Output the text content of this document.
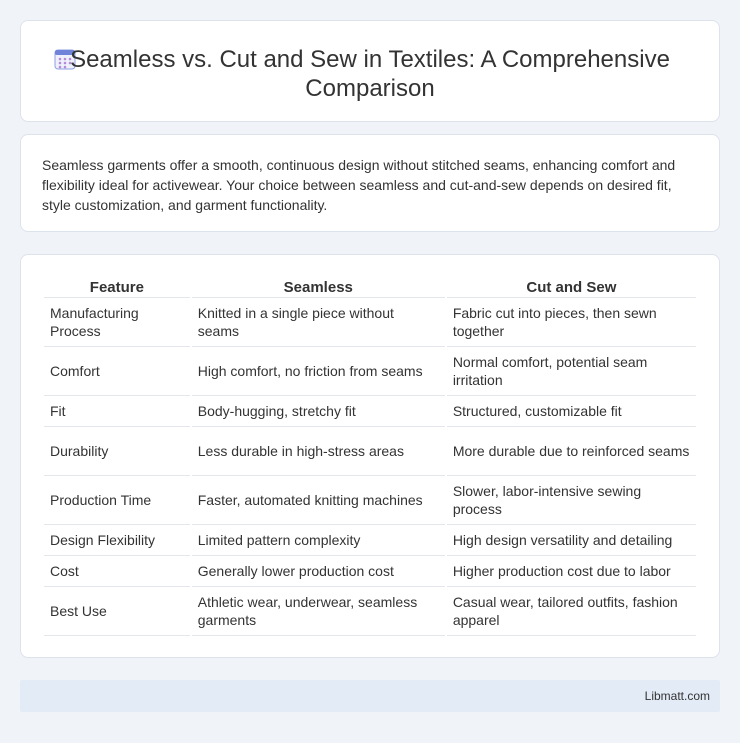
Seamless vs. Cut and Sew in Textiles: A Comprehensive Comparison

Seamless garments offer a smooth, continuous design without stitched seams, enhancing comfort and flexibility ideal for activewear. Your choice between seamless and cut-and-sew depends on desired fit, style customization, and garment functionality.

Feature	Seamless	Cut and Sew
Manufacturing Process	Knitted in a single piece without seams	Fabric cut into pieces, then sewn together
Comfort	High comfort, no friction from seams	Normal comfort, potential seam irritation
Fit	Body-hugging, stretchy fit	Structured, customizable fit
Durability	Less durable in high-stress areas	More durable due to reinforced seams
Production Time	Faster, automated knitting machines	Slower, labor-intensive sewing process
Design Flexibility	Limited pattern complexity	High design versatility and detailing
Cost	Generally lower production cost	Higher production cost due to labor
Best Use	Athletic wear, underwear, seamless garments	Casual wear, tailored outfits, fashion apparel
Libmatt.com
